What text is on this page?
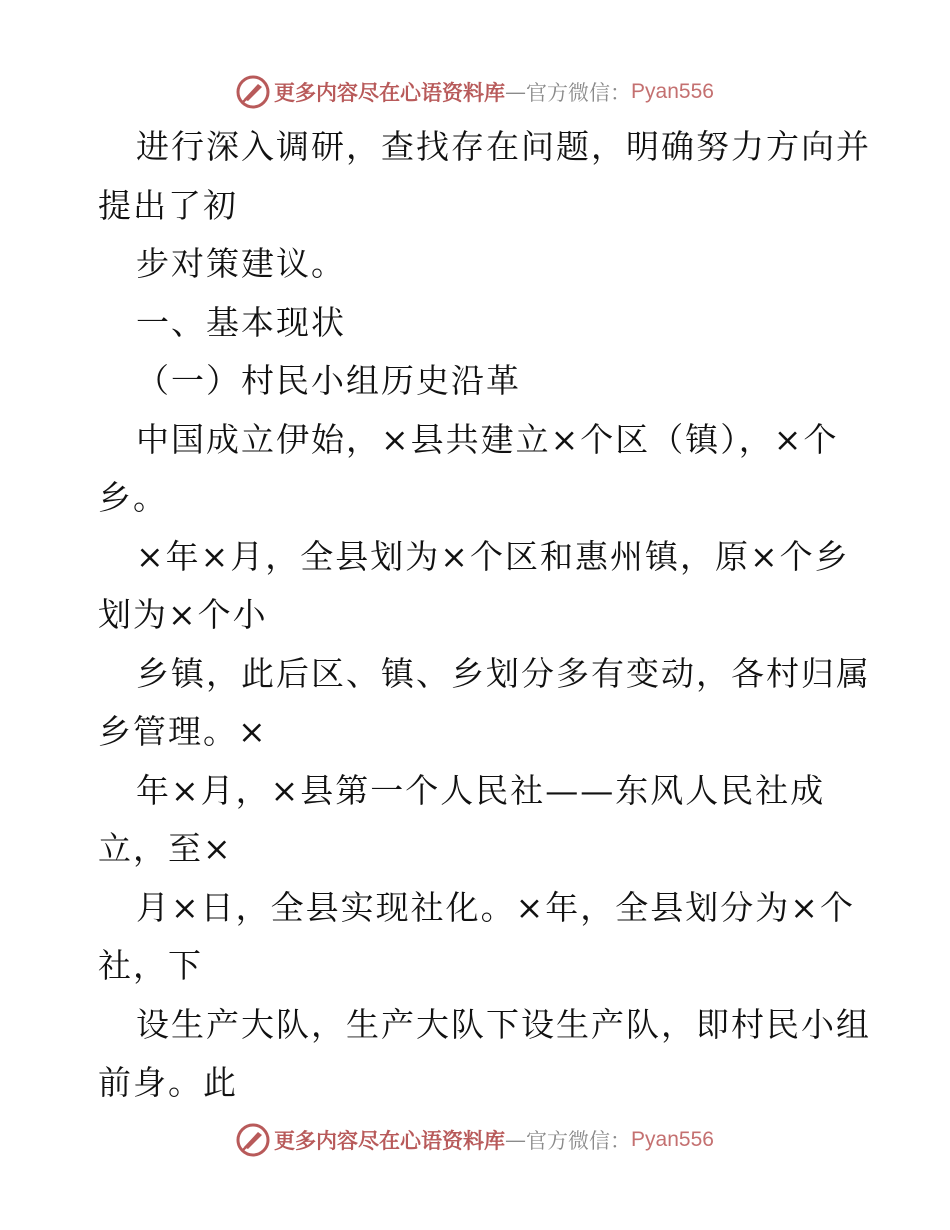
更多内容尽在心语资料库 — 官方微信： Pyan556
进行深入调研，查找存在问题，明确努力方向并
提出了初
步对策建议。
一、基本现状
（一）村民小组历史沿革
中国成立伊始，×县共建立×个区（镇），×个
乡。
×年×月，全县划为×个区和惠州镇，原×个乡
划为×个小
乡镇，此后区、镇、乡划分多有变动，各村归属
乡管理。×
年×月，×县第一个人民社——东风人民社成
立，至×
月×日，全县实现社化。×年，全县划分为×个
社，下
设生产大队，生产大队下设生产队，即村民小组
前身。此
更多内容尽在心语资料库 — 官方微信： Pyan556
